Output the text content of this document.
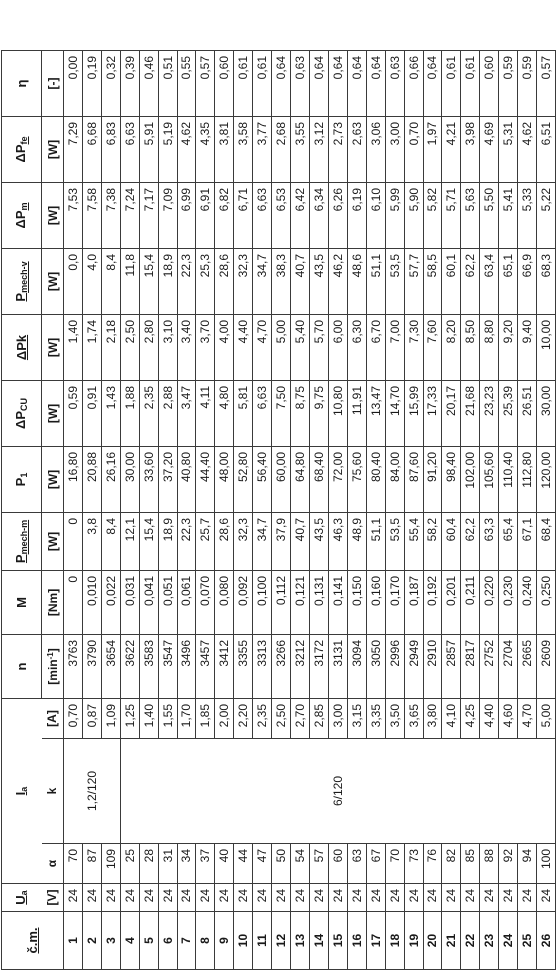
č.m.	$U_a$	$I_a$			n	M	$P_{mech-m}$	$P_1$	$\Delta P_{CU}$	ΔPk	$P_{mech-v}$	$\Delta P_m$	$\Delta P_{fe}$	η
	[V]	α	k	[A]	$[\min^{-1}]$	[Nm]	[W]	[W]	[W]	[W]	[W]	[W]	[W]	[-]
1	24	70	1,2/120	0,70	3763	0	0	16,80	0,59	1,40	0,0	7,53	7,29	0,00
2	24	87		0,87	3790	0,010	3,8	20,88	0,91	1,74	4,0	7,58	6,68	0,19
3	24	109		1,09	3654	0,022	8,4	26,16	1,43	2,18	8,4	7,38	6,83	0,32
4	24	25	6/120	1,25	3622	0,031	12,1	30,00	1,88	2,50	11,8	7,24	6,63	0,39
5	24	28		1,40	3583	0,041	15,4	33,60	2,35	2,80	15,4	7,17	5,91	0,46
6	24	31		1,55	3547	0,051	18,9	37,20	2,88	3,10	18,9	7,09	5,19	0,51
7	24	34		1,70	3496	0,061	22,3	40,80	3,47	3,40	22,3	6,99	4,62	0,55
8	24	37		1,85	3457	0,070	25,7	44,40	4,11	3,70	25,3	6,91	4,35	0,57
9	24	40		2,00	3412	0,080	28,6	48,00	4,80	4,00	28,6	6,82	3,81	0,60
10	24	44		2,20	3355	0,092	32,3	52,80	5,81	4,40	32,3	6,71	3,58	0,61
11	24	47		2,35	3313	0,100	34,7	56,40	6,63	4,70	34,7	6,63	3,77	0,61
12	24	50		2,50	3266	0,112	37,9	60,00	7,50	5,00	38,3	6,53	2,68	0,64
13	24	54		2,70	3212	0,121	40,7	64,80	8,75	5,40	40,7	6,42	3,55	0,63
14	24	57		2,85	3172	0,131	43,5	68,40	9,75	5,70	43,5	6,34	3,12	0,64
15	24	60		3,00	3131	0,141	46,3	72,00	10,80	6,00	46,2	6,26	2,73	0,64
16	24	63		3,15	3094	0,150	48,9	75,60	11,91	6,30	48,6	6,19	2,63	0,64
17	24	67		3,35	3050	0,160	51,1	80,40	13,47	6,70	51,1	6,10	3,06	0,64
18	24	70		3,50	2996	0,170	53,5	84,00	14,70	7,00	53,5	5,99	3,00	0,63
19	24	73		3,65	2949	0,187	55,4	87,60	15,99	7,30	57,7	5,90	0,70	0,66
20	24	76		3,80	2910	0,192	58,2	91,20	17,33	7,60	58,5	5,82	1,97	0,64
21	24	82		4,10	2857	0,201	60,4	98,40	20,17	8,20	60,1	5,71	4,21	0,61
22	24	85		4,25	2817	0,211	62,2	102,00	21,68	8,50	62,2	5,63	3,98	0,61
23	24	88		4,40	2752	0,220	63,3	105,60	23,23	8,80	63,4	5,50	4,69	0,60
24	24	92		4,60	2704	0,230	65,4	110,40	25,39	9,20	65,1	5,41	5,31	0,59
25	24	94		4,70	2665	0,240	67,1	112,80	26,51	9,40	66,9	5,33	4,62	0,59
26	24	100		5,00	2609	0,250	68,4	120,00	30,00	10,00	68,3	5,22	6,51	0,57
